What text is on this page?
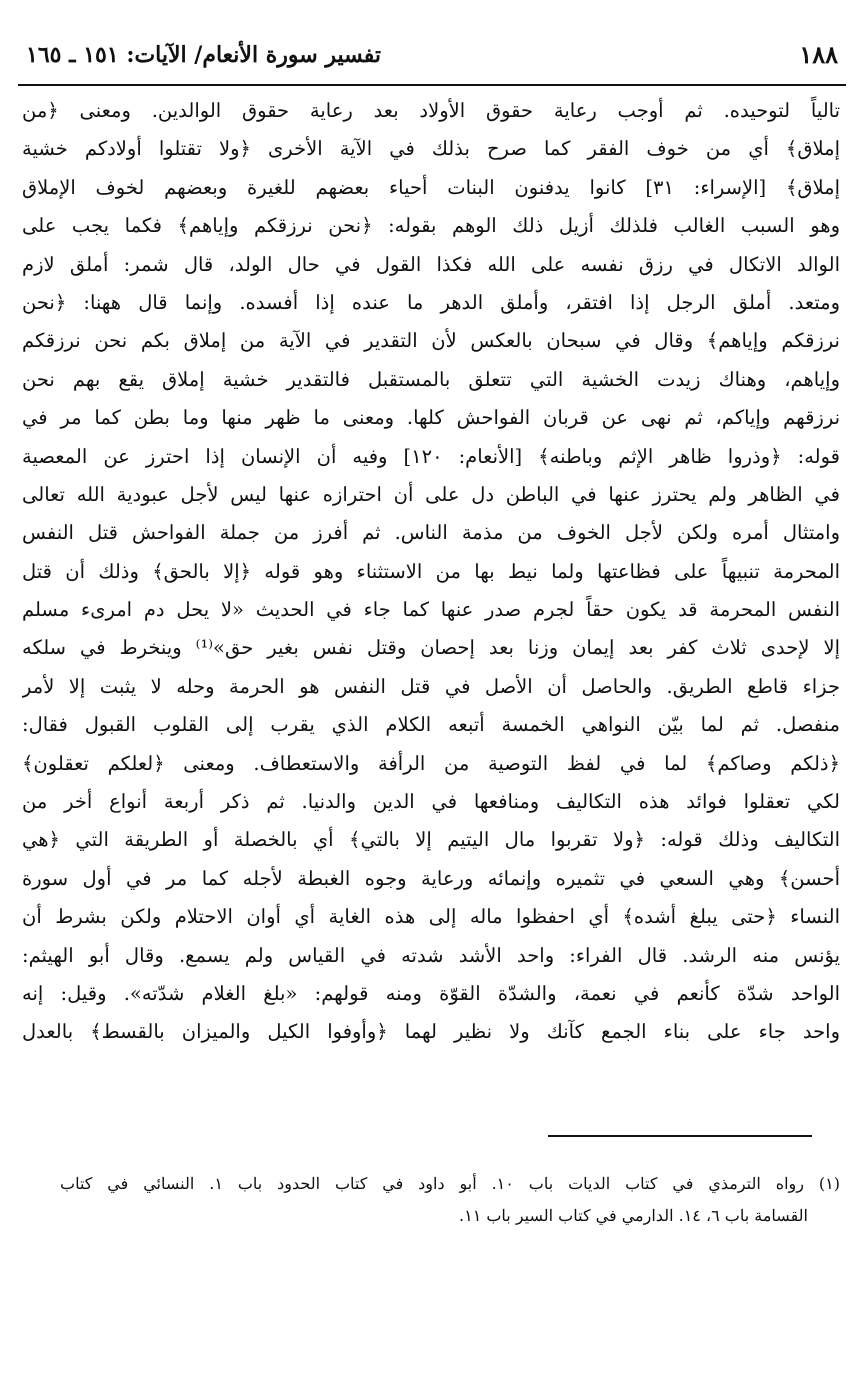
١٨٨
تفسير سورة الأنعام/ الآيات: ١٥١ ـ ١٦٥
تالياً لتوحيده. ثم أوجب رعاية حقوق الأولاد بعد رعاية حقوق الوالدين. ومعنى ﴿من
إملاق﴾ أي من خوف الفقر كما صرح بذلك في الآية الأخرى ﴿ولا تقتلوا أولادكم خشية
إملاق﴾ [الإسراء: ٣١] كانوا يدفنون البنات أحياء بعضهم للغيرة وبعضهم لخوف الإملاق
وهو السبب الغالب فلذلك أزيل ذلك الوهم بقوله: ﴿نحن نرزقكم وإياهم﴾ فكما يجب على
الوالد الاتكال في رزق نفسه على الله فكذا القول في حال الولد، قال شمر: أملق لازم
ومتعد. أملق الرجل إذا افتقر، وأملق الدهر ما عنده إذا أفسده. وإنما قال ههنا: ﴿نحن
نرزقكم وإياهم﴾ وقال في سبحان بالعكس لأن التقدير في الآية من إملاق بكم نحن نرزقكم
وإياهم، وهناك زيدت الخشية التي تتعلق بالمستقبل فالتقدير خشية إملاق يقع بهم نحن
نرزقهم وإياكم، ثم نهى عن قربان الفواحش كلها. ومعنى ما ظهر منها وما بطن كما مر في
قوله: ﴿وذروا ظاهر الإثم وباطنه﴾ [الأنعام: ١٢٠] وفيه أن الإنسان إذا احترز عن المعصية
في الظاهر ولم يحترز عنها في الباطن دل على أن احترازه عنها ليس لأجل عبودية الله تعالى
وامتثال أمره ولكن لأجل الخوف من مذمة الناس. ثم أفرز من جملة الفواحش قتل النفس
المحرمة تنبيهاً على فظاعتها ولما نيط بها من الاستثناء وهو قوله ﴿إلا بالحق﴾ وذلك أن قتل
النفس المحرمة قد يكون حقاً لجرم صدر عنها كما جاء في الحديث «لا يحل دم امرىء مسلم
إلا لإحدى ثلاث كفر بعد إيمان وزنا بعد إحصان وقتل نفس بغير حق»⁽¹⁾ وينخرط في سلكه
جزاء قاطع الطريق. والحاصل أن الأصل في قتل النفس هو الحرمة وحله لا يثبت إلا لأمر
منفصل. ثم لما بيّن النواهي الخمسة أتبعه الكلام الذي يقرب إلى القلوب القبول فقال:
﴿ذلكم وصاكم﴾ لما في لفظ التوصية من الرأفة والاستعطاف. ومعنى ﴿لعلكم تعقلون﴾
لكي تعقلوا فوائد هذه التكاليف ومنافعها في الدين والدنيا. ثم ذكر أربعة أنواع أخر من
التكاليف وذلك قوله: ﴿ولا تقربوا مال اليتيم إلا بالتي﴾ أي بالخصلة أو الطريقة التي ﴿هي
أحسن﴾ وهي السعي في تثميره وإنمائه ورعاية وجوه الغبطة لأجله كما مر في أول سورة
النساء ﴿حتى يبلغ أشده﴾ أي احفظوا ماله إلى هذه الغاية أي أوان الاحتلام ولكن بشرط أن
يؤنس منه الرشد. قال الفراء: واحد الأشد شدته في القياس ولم يسمع. وقال أبو الهيثم:
الواحد شدّة كأنعم في نعمة، والشدّة القوّة ومنه قولهم: «بلغ الغلام شدّته». وقيل: إنه
واحد جاء على بناء الجمع كآنك ولا نظير لهما ﴿وأوفوا الكيل والميزان بالقسط﴾ بالعدل
(١) رواه الترمذي في كتاب الديات باب ١٠. أبو داود في كتاب الحدود باب ١. النسائي في كتاب
القسامة باب ٦، ١٤. الدارمي في كتاب السير باب ١١.
